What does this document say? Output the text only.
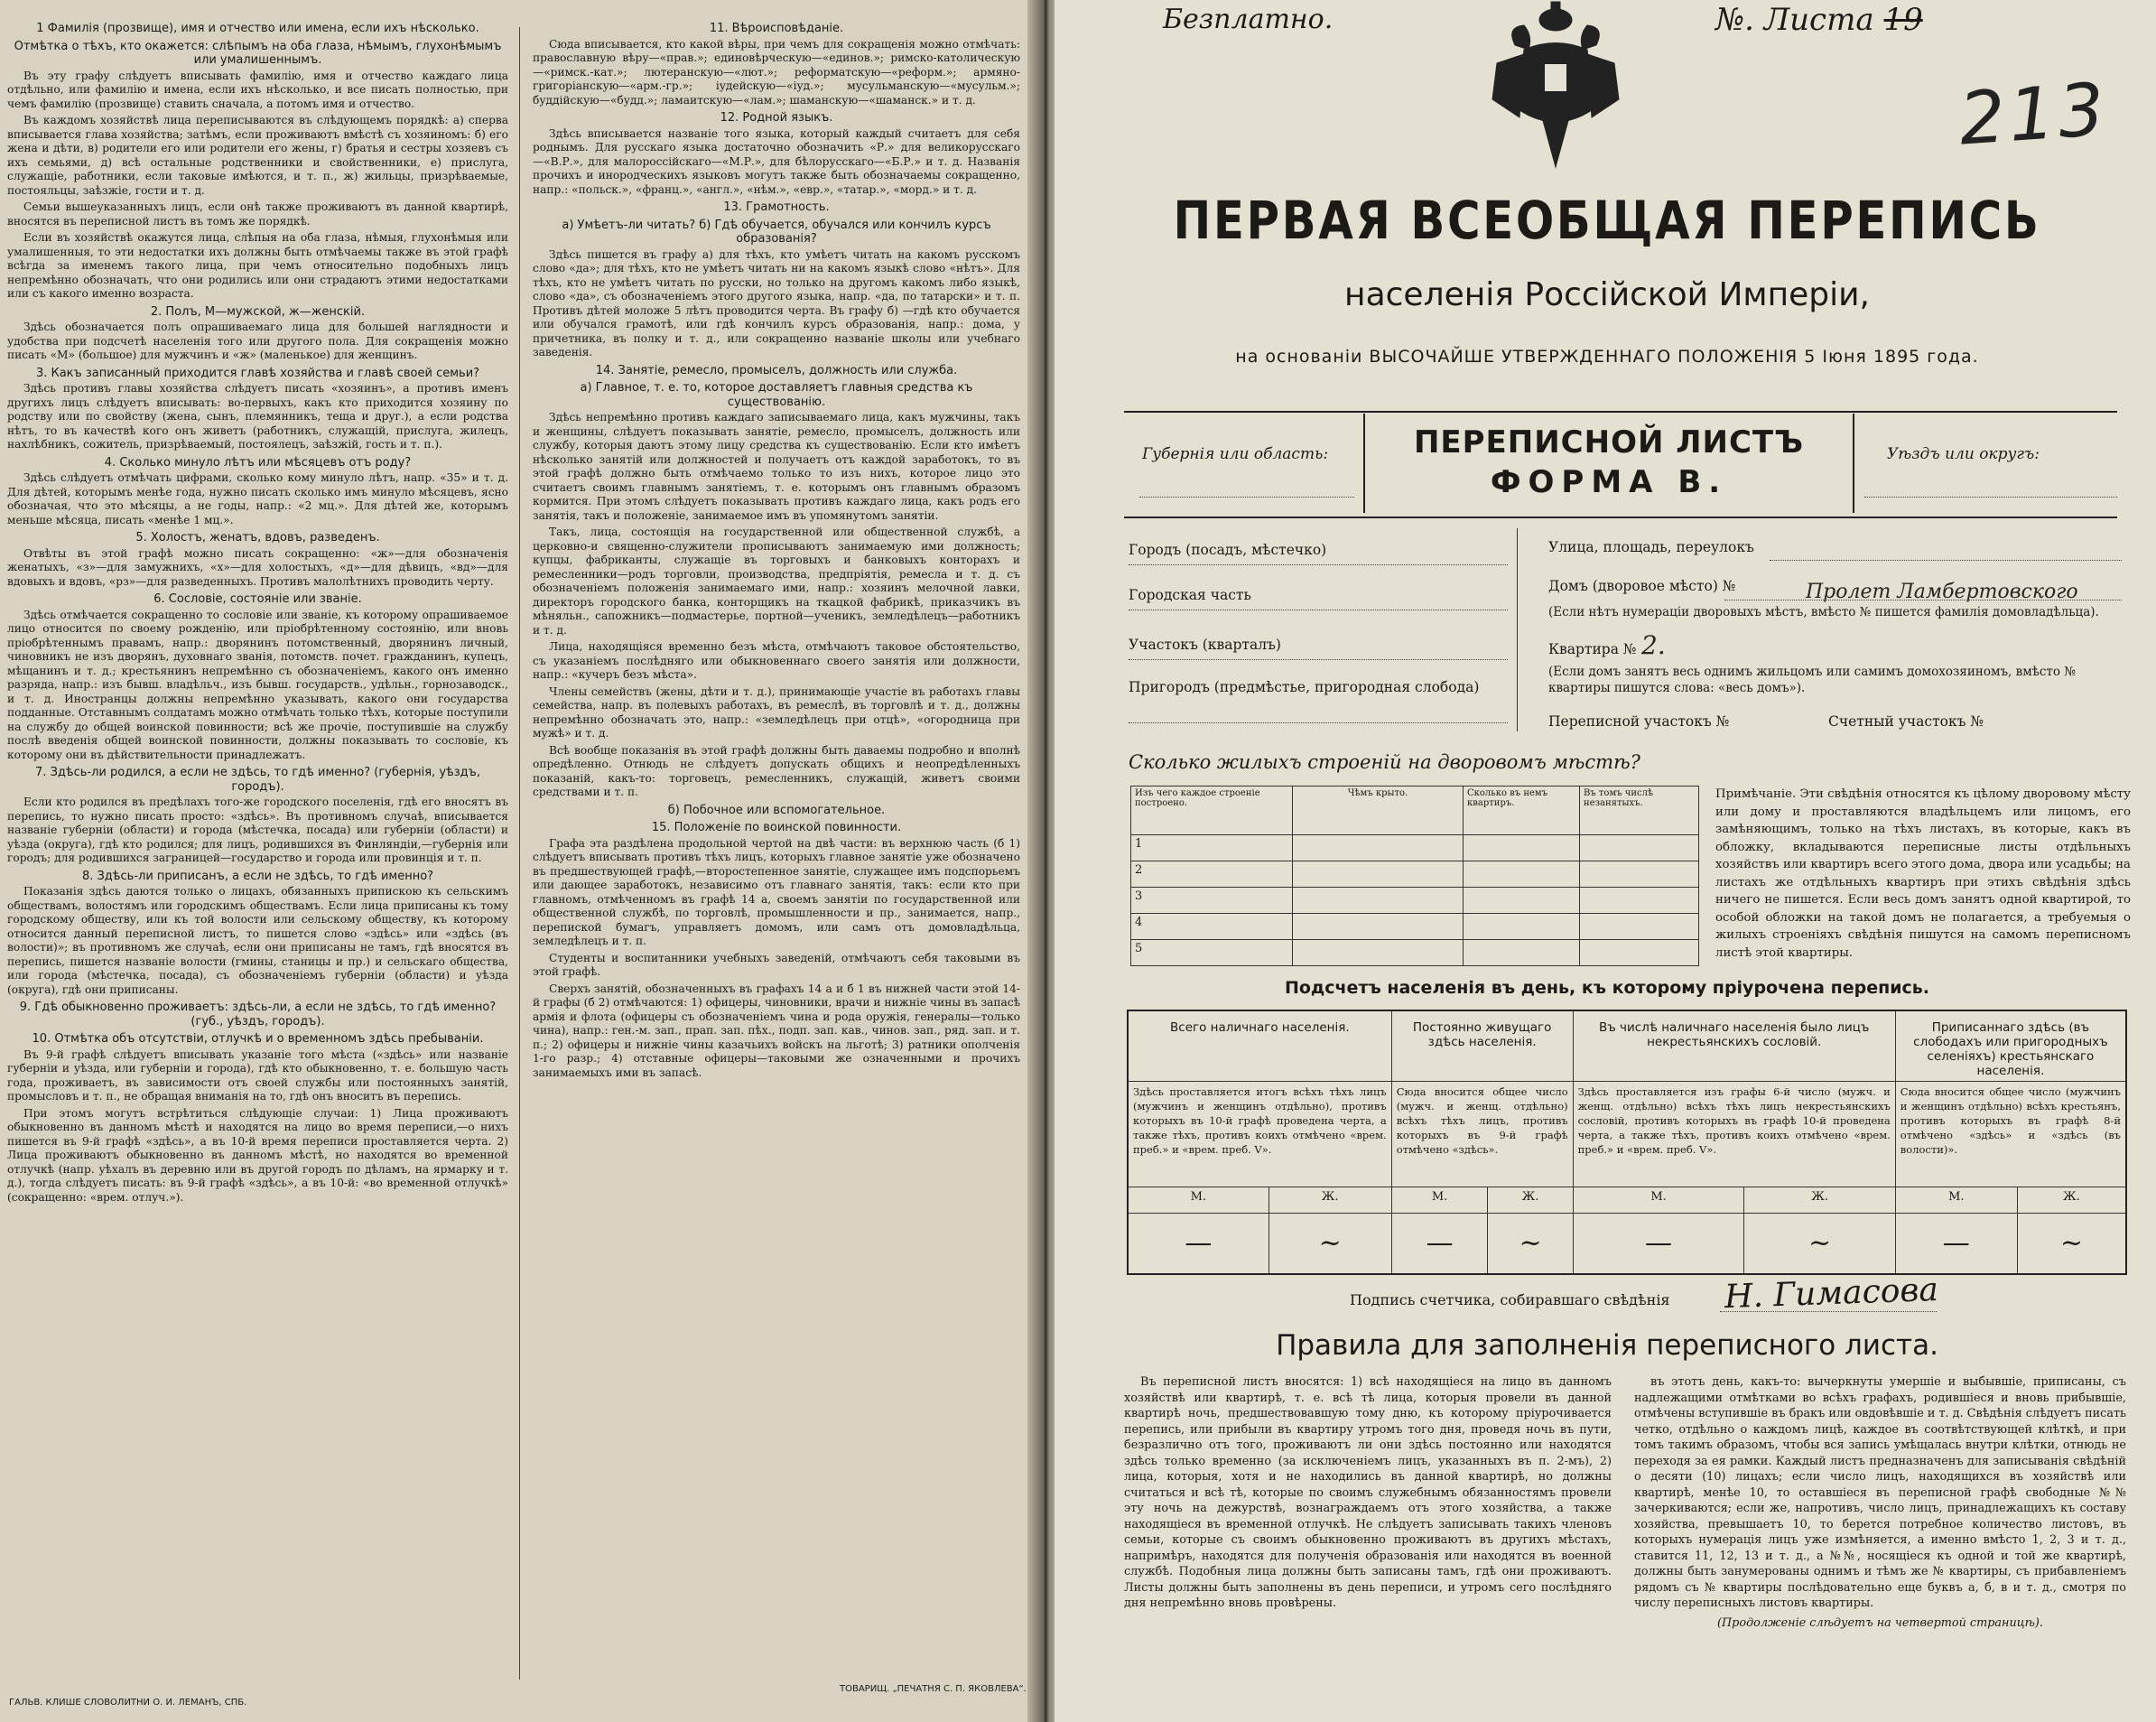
1 Фамилія (прозвище), имя и отчество или имена, если ихъ нѣсколько.
Отмѣтка о тѣхъ, кто окажется: слѣпымъ на оба глаза, нѣмымъ, глухонѣмымъ или умалишеннымъ.

Въ эту графу слѣдуетъ вписывать фамилію, имя и отчество каждаго лица отдѣльно, или фамилію и имена, если ихъ нѣсколько, и все писать полностью, при чемъ фамилію (прозвище) ставить сначала, а потомъ имя и отчество.

Въ каждомъ хозяйствѣ лица переписываются въ слѣдующемъ порядкѣ: а) сперва вписывается глава хозяйства; затѣмъ, если проживаютъ вмѣстѣ съ хозяиномъ: б) его жена и дѣти, в) родители его или родители его жены, г) братья и сестры хозяевъ съ ихъ семьями, д) всѣ остальные родственники и свойственники, е) прислуга, служащіе, работники, если таковые имѣются, и т. п., ж) жильцы, призрѣваемые, постояльцы, заѣзжіе, гости и т. д.

Семьи вышеуказанныхъ лицъ, если онѣ также проживаютъ въ данной квартирѣ, вносятся въ переписной листъ въ томъ же порядкѣ.

Если въ хозяйствѣ окажутся лица, слѣпыя на оба глаза, нѣмыя, глухонѣмыя или умалишенныя, то эти недостатки ихъ должны быть отмѣчаемы также въ этой графѣ всѣгда за именемъ такого лица, при чемъ относительно подобныхъ лицъ непремѣнно обозначать, что они родились или они страдаютъ этими недостатками или съ какого именно возраста.

2. Полъ, М—мужской, ж—женскій.

Здѣсь обозначается полъ опрашиваемаго лица для большей наглядности и удобства при подсчетѣ населенія того или другого пола. Для сокращенія можно писать «М» (большое) для мужчинъ и «ж» (маленькое) для женщинъ.

3. Какъ записанный приходится главѣ хозяйства и главѣ своей семьи?

Здѣсь противъ главы хозяйства слѣдуетъ писать «хозяинъ», а противъ именъ другихъ лицъ слѣдуетъ вписывать: во-первыхъ, какъ кто приходится хозяину по родству или по свойству (жена, сынъ, племянникъ, теща и друг.), а если родства нѣтъ, то въ качествѣ кого онъ живетъ (работникъ, служащій, прислуга, жилецъ, нахлѣбникъ, сожитель, призрѣваемый, постоялецъ, заѣзжій, гость и т. п.).

4. Сколько минуло лѣтъ или мѣсяцевъ отъ роду?

Здѣсь слѣдуетъ отмѣчать цифрами, сколько кому минуло лѣтъ, напр. «35» и т. д. Для дѣтей, которымъ менѣе года, нужно писать сколько имъ минуло мѣсяцевъ, ясно обозначая, что это мѣсяцы, а не годы, напр.: «2 мц.». Для дѣтей же, которымъ меньше мѣсяца, писать «менѣе 1 мц.».

5. Холостъ, женатъ, вдовъ, разведенъ.

Отвѣты въ этой графѣ можно писать сокращенно: «ж»—для обозначенія женатыхъ, «з»—для замужнихъ, «х»—для холостыхъ, «д»—для дѣвицъ, «вд»—для вдовыхъ и вдовъ, «рз»—для разведенныхъ. Противъ малолѣтнихъ проводить черту.

6. Сословіе, состояніе или званіе.

Здѣсь отмѣчается сокращенно то сословіе или званіе, къ которому опрашиваемое лицо относится по своему рожденію, или пріобрѣтенному состоянію, или вновь пріобрѣтеннымъ правамъ, напр.: дворянинъ потомственный, дворянинъ личный, чиновникъ не изъ дворянъ, духовнаго званія, потомств. почет. гражданинъ, купецъ, мѣщанинъ и т. д.; крестьянинъ непремѣнно съ обозначеніемъ, какого онъ именно разряда, напр.: изъ бывш. владѣльч., изъ бывш. государств., удѣльн., горнозаводск., и т. д. Иностранцы должны непремѣнно указывать, какого они государства подданные. Отставнымъ солдатамъ можно отмѣчать только тѣхъ, которые поступили на службу до общей воинской повинности; всѣ же прочіе, поступившіе на службу послѣ введенія общей воинской повинности, должны показывать то сословіе, къ которому они въ дѣйствительности принадлежатъ.

7. Здѣсь-ли родился, а если не здѣсь, то гдѣ именно? (губернія, уѣздъ, городъ).

Если кто родился въ предѣлахъ того-же городского поселенія, гдѣ его вносятъ въ перепись, то нужно писать просто: «здѣсь». Въ противномъ случаѣ, вписывается названіе губерніи (области) и города (мѣстечка, посада) или губерніи (области) и уѣзда (округа), гдѣ кто родился; для лицъ, родившихся въ Финляндіи,—губернія или городъ; для родившихся заграницей—государство и города или провинція и т. п.

8. Здѣсь-ли приписанъ, а если не здѣсь, то гдѣ именно?

Показанія здѣсь даются только о лицахъ, обязанныхъ припискою къ сельскимъ обществамъ, волостямъ или городскимъ обществамъ. Если лица приписаны къ тому городскому обществу, или къ той волости или сельскому обществу, къ которому относится данный переписной листъ, то пишется слово «здѣсь» или «здѣсь (въ волости)»; въ противномъ же случаѣ, если они приписаны не тамъ, гдѣ вносятся въ перепись, пишется названіе волости (гмины, станицы и пр.) и сельскаго общества, или города (мѣстечка, посада), съ обозначеніемъ губерніи (области) и уѣзда (округа), гдѣ они приписаны.

9. Гдѣ обыкновенно проживаетъ: здѣсь-ли, а если не здѣсь, то гдѣ именно? (губ., уѣздъ, городъ).
10. Отмѣтка объ отсутствіи, отлучкѣ и о временномъ здѣсь пребываніи.

Въ 9-й графѣ слѣдуетъ вписывать указаніе того мѣста («здѣсь» или названіе губерніи и уѣзда, или губерніи и города), гдѣ кто обыкновенно, т. е. большую часть года, проживаетъ, въ зависимости отъ своей службы или постоянныхъ занятій, промысловъ и т. п., не обращая вниманія на то, гдѣ онъ вноситъ въ перепись.

При этомъ могутъ встрѣтиться слѣдующіе случаи: 1) Лица проживаютъ обыкновенно въ данномъ мѣстѣ и находятся на лицо во время переписи,—о нихъ пишется въ 9-й графѣ «здѣсь», а въ 10-й время переписи проставляется черта. 2) Лица проживаютъ обыкновенно въ данномъ мѣстѣ, но находятся во временной отлучкѣ (напр. уѣхалъ въ деревню или въ другой городъ по дѣламъ, на ярмарку и т. д.), тогда слѣдуетъ писать: въ 9-й графѣ «здѣсь», а въ 10-й: «во временной отлучкѣ» (сокращенно: «врем. отлуч.»).

11. Вѣроисповѣданіе.

Сюда вписывается, кто какой вѣры, при чемъ для сокращенія можно отмѣчать: православную вѣру—«прав.»; единовѣрческую—«единов.»; римско-католическую—«римск.-кат.»; лютеранскую—«лют.»; реформатскую—«реформ.»; армяно-григоріанскую—«арм.-гр.»; іудейскую—«іуд.»; мусульманскую—«мусульм.»; буддійскую—«будд.»; ламаитскую—«лам.»; шаманскую—«шаманск.» и т. д.

12. Родной языкъ.

Здѣсь вписывается названіе того языка, который каждый считаетъ для себя роднымъ. Для русскаго языка достаточно обозначить «Р.» для великорусскаго—«В.Р.», для малороссійскаго—«М.Р.», для бѣлорусскаго—«Б.Р.» и т. д. Названія прочихъ и инородческихъ языковъ могутъ также быть обозначаемы сокращенно, напр.: «польск.», «франц.», «англ.», «нѣм.», «евр.», «татар.», «морд.» и т. д.

13. Грамотность.
а) Умѣетъ-ли читать? б) Гдѣ обучается, обучался или кончилъ курсъ образованія?

Здѣсь пишется въ графу а) для тѣхъ, кто умѣетъ читать на какомъ русскомъ слово «да»; для тѣхъ, кто не умѣетъ читать ни на какомъ языкѣ слово «нѣтъ». Для тѣхъ, кто не умѣетъ читать по русски, но только на другомъ какомъ либо языкѣ, слово «да», съ обозначеніемъ этого другого языка, напр. «да, по татарски» и т. п. Противъ дѣтей моложе 5 лѣтъ проводится черта. Въ графу б) —гдѣ кто обучается или обучался грамотѣ, или гдѣ кончилъ курсъ образованія, напр.: дома, у причетника, въ полку и т. д., или сокращенно названіе школы или учебнаго заведенія.

14. Занятіе, ремесло, промыселъ, должность или служба.
а) Главное, т. е. то, которое доставляетъ главныя средства къ существованію.

Здѣсь непремѣнно противъ каждаго записываемаго лица, какъ мужчины, такъ и женщины, слѣдуетъ показывать занятіе, ремесло, промыселъ, должность или службу, которыя даютъ этому лицу средства къ существованію. Если кто имѣетъ нѣсколько занятій или должностей и получаетъ отъ каждой заработокъ, то въ этой графѣ должно быть отмѣчаемо только то изъ нихъ, которое лицо это считаетъ своимъ главнымъ занятіемъ, т. е. которымъ онъ главнымъ образомъ кормится. При этомъ слѣдуетъ показывать противъ каждаго лица, какъ родъ его занятія, такъ и положеніе, занимаемое имъ въ упомянутомъ занятіи.

Такъ, лица, состоящія на государственной или общественной службѣ, а церковно-и священно-служители прописываютъ занимаемую ими должность; купцы, фабриканты, служащіе въ торговыхъ и банковыхъ конторахъ и ремесленники—родъ торговли, производства, предпріятія, ремесла и т. д. съ обозначеніемъ положенія занимаемаго ими, напр.: хозяинъ мелочной лавки, директоръ городского банка, конторщикъ на ткацкой фабрикѣ, приказчикъ въ мѣняльн., сапожникъ—подмастерье, портной—ученикъ, земледѣлецъ—работникъ и т. д.

Лица, находящіяся временно безъ мѣста, отмѣчаютъ таковое обстоятельство, съ указаніемъ послѣдняго или обыкновеннаго своего занятія или должности, напр.: «кучеръ безъ мѣста».

Члены семействъ (жены, дѣти и т. д.), принимающіе участіе въ работахъ главы семейства, напр. въ полевыхъ работахъ, въ ремеслѣ, въ торговлѣ и т. д., должны непремѣнно обозначать это, напр.: «земледѣлецъ при отцѣ», «огородница при мужѣ» и т. д.

Всѣ вообще показанія въ этой графѣ должны быть даваемы подробно и вполнѣ опредѣленно. Отнюдь не слѣдуетъ допускать общихъ и неопредѣленныхъ показаній, какъ-то: торговецъ, ремесленникъ, служащій, живетъ своими средствами и т. п.

б) Побочное или вспомогательное.
15. Положеніе по воинской повинности.

Графа эта раздѣлена продольной чертой на двѣ части: въ верхнюю часть (б 1) слѣдуетъ вписывать противъ тѣхъ лицъ, которыхъ главное занятіе уже обозначено въ предшествующей графѣ,—второстепенное занятіе, служащее имъ подспорьемъ или дающее заработокъ, независимо отъ главнаго занятія, такъ: если кто при главномъ, отмѣченномъ въ графѣ 14 а, своемъ занятіи по государственной или общественной службѣ, по торговлѣ, промышленности и пр., занимается, напр., перепиской бумагъ, управляетъ домомъ, или самъ отъ домовладѣльца, земледѣлецъ и т. п.

Студенты и воспитанники учебныхъ заведеній, отмѣчаютъ себя таковыми въ этой графѣ.

Сверхъ занятій, обозначенныхъ въ графахъ 14 а и б 1 въ нижней части этой 14-й графы (б 2) отмѣчаются: 1) офицеры, чиновники, врачи и нижніе чины въ запасѣ армія и флота (офицеры съ обозначеніемъ чина и рода оружія, генералы—только чина), напр.: ген.-м. зап., прап. зап. пѣх., подп. зап. кав., чинов. зап., ряд. зап. и т. п.; 2) офицеры и нижніе чины казачьихъ войскъ на льготѣ; 3) ратники ополченія 1-го разр.; 4) отставные офицеры—таковыми же означенными и прочихъ занимаемыхъ ими въ запасѣ.

ГАЛЬВ. КЛИШЕ СЛОВОЛИТНИ О. И. ЛЕМАНЪ, СПБ.
ТОВАРИЩ. „ПЕЧАТНЯ С. П. ЯКОВЛЕВА“.
Безплатно.	№. Листа 19
213
ПЕРВАЯ ВСЕОБЩАЯ ПЕРЕПИСЬ
населенія Россійской Имперіи,
на основаніи ВЫСОЧАЙШЕ УТВЕРЖДЕННАГО ПОЛОЖЕНІЯ 5 Іюня 1895 года.
Губернія или область:	ПЕРЕПИСНОЙ ЛИСТЪ
ФОРМА В.
Уѣздъ или округъ:
Городъ (посадъ, мѣстечко)
Городская часть
Участокъ (кварталъ)
Пригородъ (предмѣстье, пригородная слобода)
Улица, площадь, переулокъ
Домъ (дворовое мѣсто) №	Пролет Ламбертовского
(Если нѣтъ нумераціи дворовыхъ мѣстъ, вмѣсто № пишется фамилія домовладѣльца).
Квартира № 2.
(Если домъ занятъ весь однимъ жильцомъ или самимъ домохозяиномъ, вмѣсто № квартиры пишутся слова: «весь домъ»).
Переписной участокъ №	Счетный участокъ №
Сколько жилыхъ строеній на дворовомъ мѣстѣ?
Изъ чего каждое строеніе построено.	Чѣмъ крыто.	Сколько въ немъ квартиръ.	Въ томъ числѣ незанятыхъ.
1			
2			
3			
4			
5			
Примѣчаніе. Эти свѣдѣнія относятся къ цѣлому дворовому мѣсту или дому и проставляются владѣльцемъ или лицомъ, его замѣняющимъ, только на тѣхъ листахъ, въ которые, какъ въ обложку, вкладываются переписные листы отдѣльныхъ хозяйствъ или квартиръ всего этого дома, дворa или усадьбы; на листахъ же отдѣльныхъ квартиръ при этихъ свѣдѣнія здѣсь ничего не пишется. Если весь домъ занятъ одной квартирой, то особой обложки на такой домъ не полагается, а требуемыя о жилыхъ строеніяхъ свѣдѣнія пишутся на самомъ переписномъ листѣ этой квартиры.
Подсчетъ населенія въ день, къ которому пріурочена перепись.
Всего наличнаго населенія.		Постоянно живущаго здѣсь населенія.		Въ числѣ наличнаго населенія было лицъ некрестьянскихъ сословій.		Приписаннаго здѣсь (въ слободахъ или пригородныхъ селеніяхъ) крестьянскаго населенія.	
Здѣсь проставляется итогъ всѣхъ тѣхъ лицъ (мужчинъ и женщинъ отдѣльно), противъ которыхъ въ 10-й графѣ проведена черта, а также тѣхъ, противъ коихъ отмѣчено «врем. преб.» и «врем. преб. V».		Сюда вносится общее число (мужч. и женщ. отдѣльно) всѣхъ тѣхъ лицъ, противъ которыхъ въ 9-й графѣ отмѣчено «здѣсь».		Здѣсь проставляется изъ графы 6-й число (мужч. и женщ. отдѣльно) всѣхъ тѣхъ лицъ некрестьянскихъ сословій, противъ которыхъ въ графѣ 10-й проведена черта, а также тѣхъ, противъ коихъ отмѣчено «врем. преб.» и «врем. преб. V».		Сюда вносится общее число (мужчинъ и женщинъ отдѣльно) всѣхъ крестьянъ, противъ которыхъ въ графѣ 8-й отмѣчено «здѣсь» и «здѣсь (въ волости)».	
М.	Ж.	М.	Ж.	М.	Ж.	М.	Ж.
—	~	—	~	—	~	—	~
Подпись счетчика, собиравшаго свѣдѣнія Н. Гимасова
Правила для заполненія переписного листа.

Въ переписной листъ вносятся: 1) всѣ находящіеся на лицо въ данномъ хозяйствѣ или квартирѣ, т. е. всѣ тѣ лица, которыя провели въ данной квартирѣ ночь, предшествовавшую тому дню, къ которому пріурочивается перепись, или прибыли въ квартиру утромъ того дня, проведя ночь въ пути, безразлично отъ того, проживаютъ ли они здѣсь постоянно или находятся здѣсь только временно (за исключеніемъ лицъ, указанныхъ въ п. 2-мъ), 2) лица, которыя, хотя и не находились въ данной квартирѣ, но должны считаться и всѣ тѣ, которые по своимъ служебнымъ обязанностямъ провели эту ночь на дежурствѣ, вознаграждаемъ отъ этого хозяйства, а также находящіеся въ временной отлучкѣ. Не слѣдуетъ записывать такихъ членовъ семьи, которые съ своимъ обыкновенно проживаютъ въ другихъ мѣстахъ, напримѣръ, находятся для полученія образованія или находятся въ военной службѣ. Подобныя лица должны быть записаны тамъ, гдѣ они проживаютъ. Листы должны быть заполнены въ день переписи, и утромъ сего послѣдняго дня непремѣнно вновь провѣрены.

въ этотъ день, какъ-то: вычеркнуты умершіе и выбывшіе, приписаны, съ надлежащими отмѣтками во всѣхъ графахъ, родившіеся и вновь прибывшіе, отмѣчены вступившіе въ бракъ или овдовѣвшіе и т. д. Свѣдѣнія слѣдуетъ писать четко, отдѣльно о каждомъ лицѣ, каждое въ соотвѣтствующей клѣткѣ, и при томъ такимъ образомъ, чтобы вся запись умѣщалась внутри клѣтки, отнюдь не переходя за ея рамки. Каждый листъ предназначенъ для записыванія свѣдѣній о десяти (10) лицахъ; если число лицъ, находящихся въ хозяйствѣ или квартирѣ, менѣе 10, то оставшіеся въ переписной графѣ свободные №№ зачеркиваются; если же, напротивъ, число лицъ, принадлежащихъ къ составу хозяйства, превышаетъ 10, то берется потребное количество листовъ, въ которыхъ нумерація лицъ уже измѣняется, а именно вмѣсто 1, 2, 3 и т. д., ставится 11, 12, 13 и т. д., а №№, носящіеся къ одной и той же квартирѣ, должны быть занумерованы однимъ и тѣмъ же № квартиры, съ прибавленіемъ рядомъ съ № квартиры послѣдовательно еще буквъ а, б, в и т. д., смотря по числу переписныхъ листовъ квартиры.

(Продолженіе слѣдуетъ на четвертой страницѣ).
